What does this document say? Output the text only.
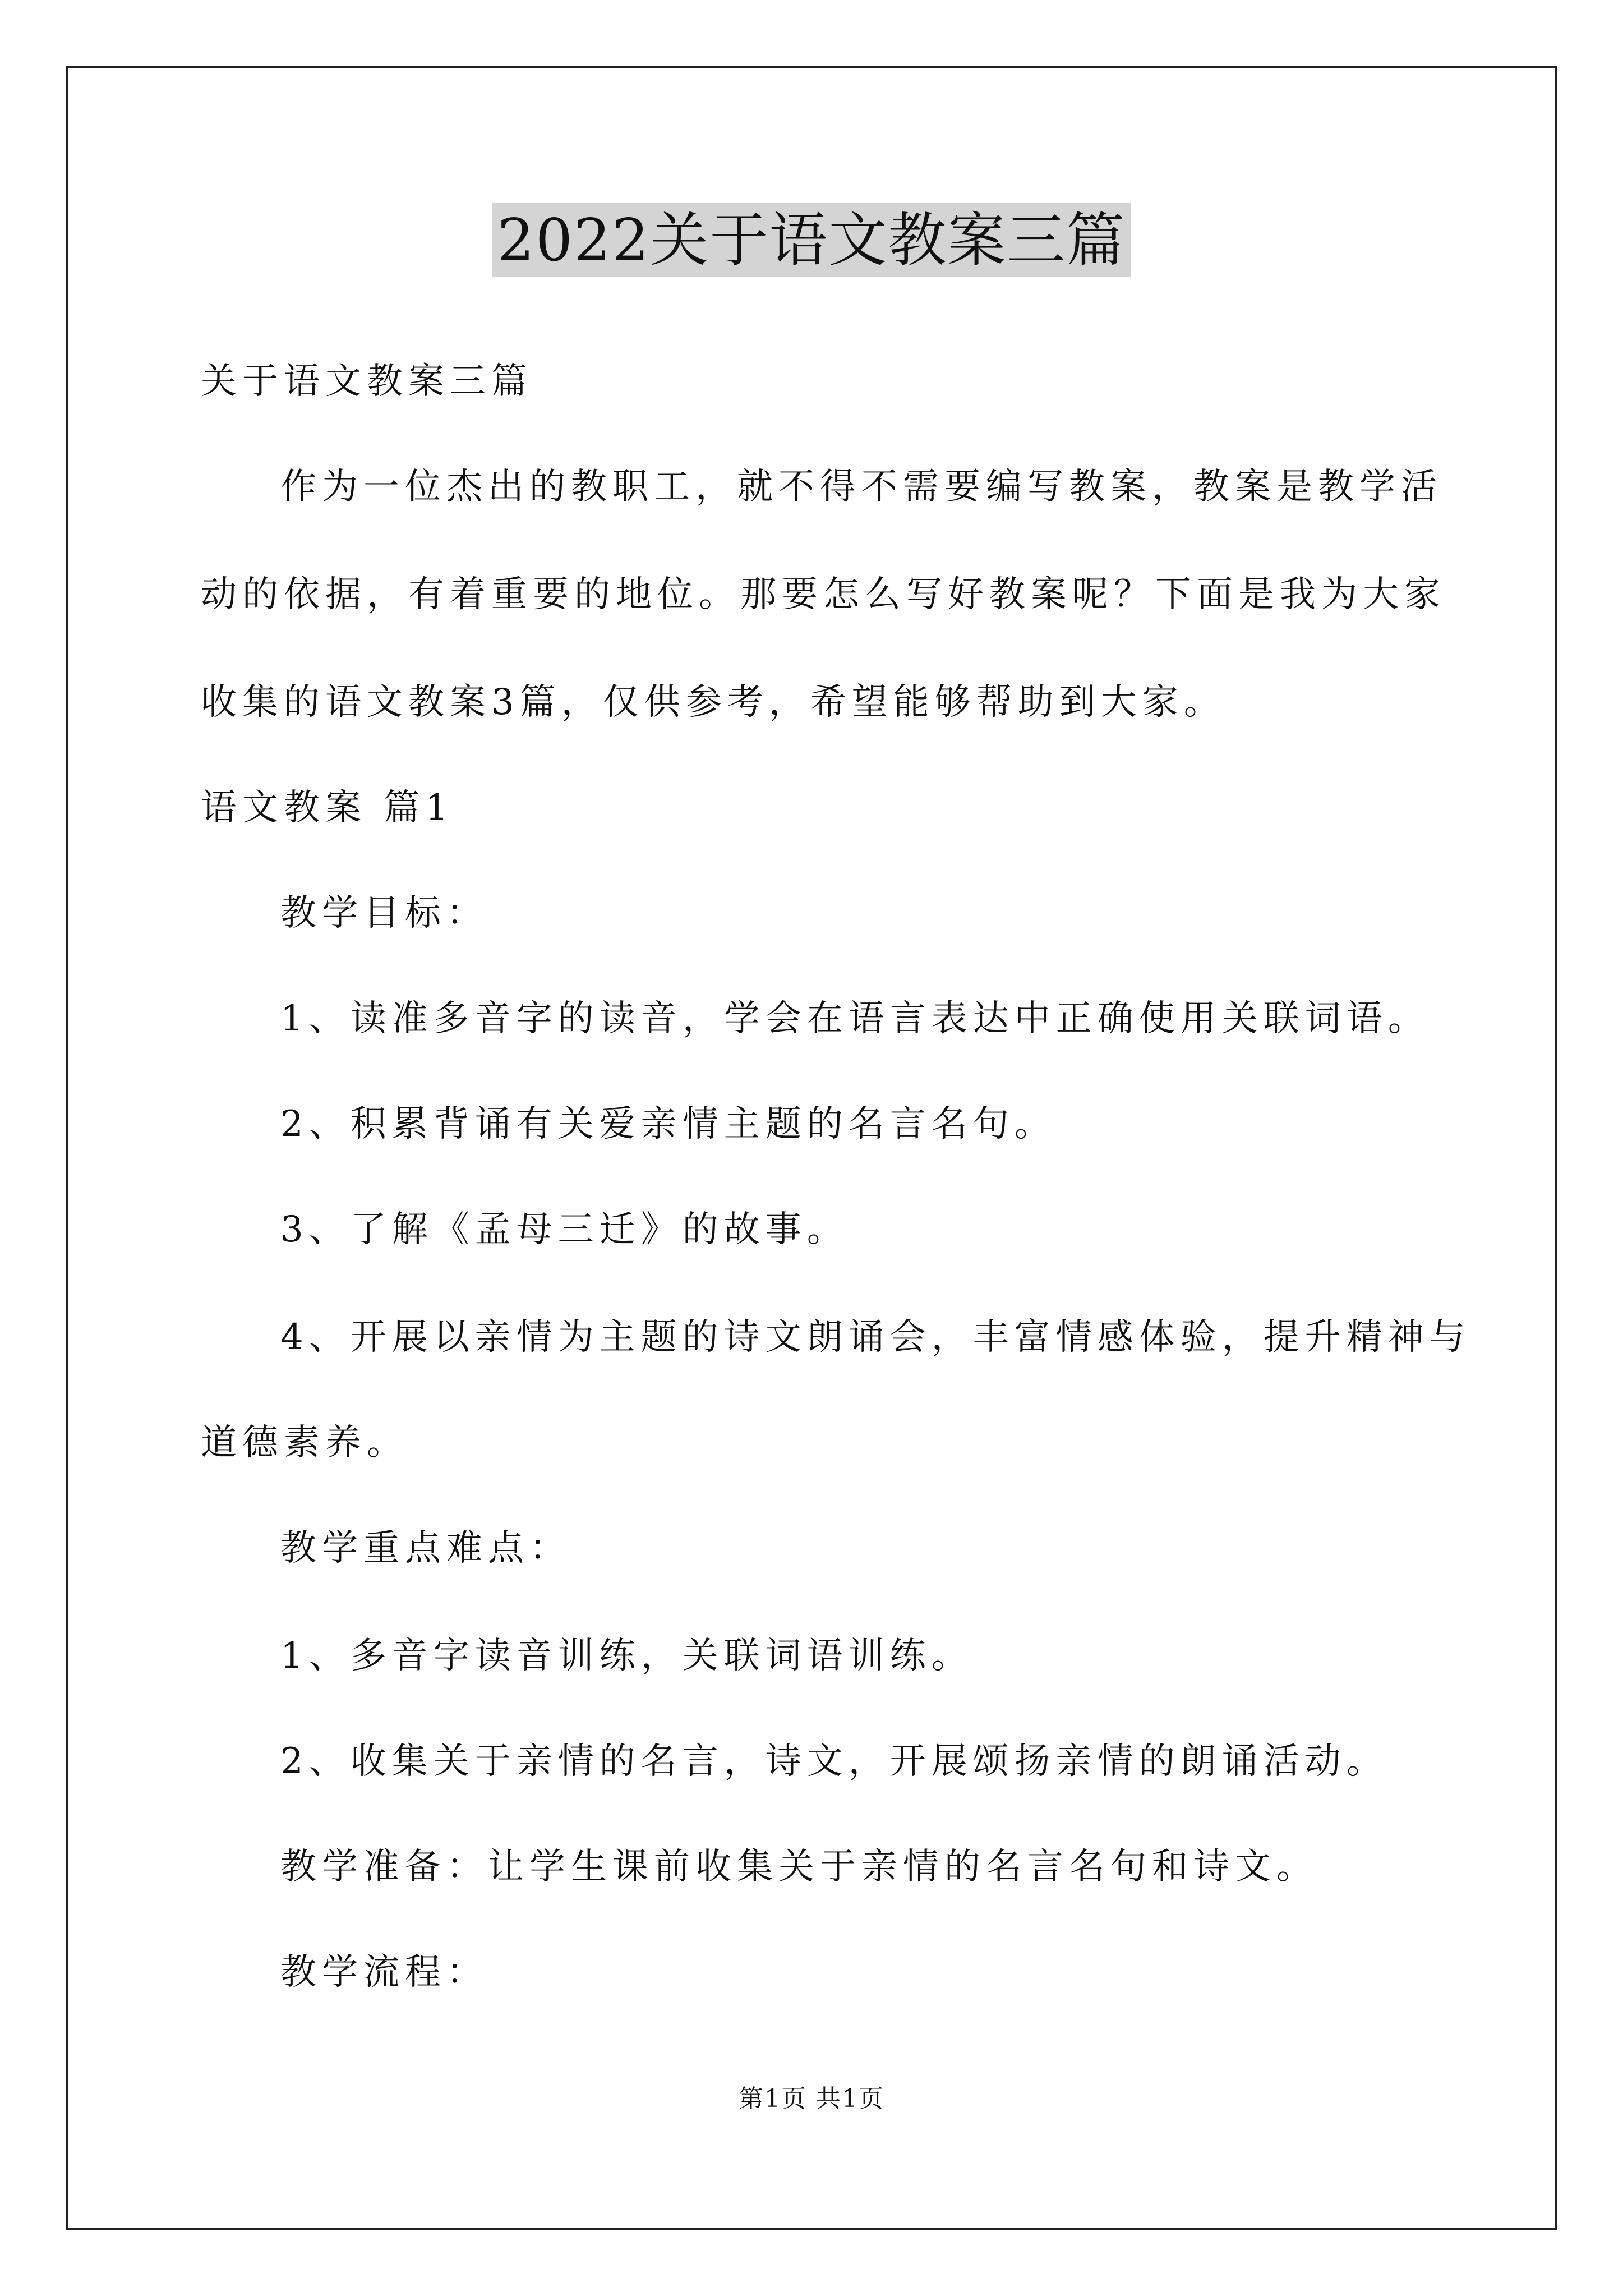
2022关于语文教案三篇
关于语文教案三篇
作为一位杰出的教职工，就不得不需要编写教案，教案是教学活
动的依据，有着重要的地位。那要怎么写好教案呢？下面是我为大家
收集的语文教案3篇，仅供参考，希望能够帮助到大家。
语文教案 篇1
教学目标：
1、读准多音字的读音，学会在语言表达中正确使用关联词语。
2、积累背诵有关爱亲情主题的名言名句。
3、了解《孟母三迁》的故事。
4、开展以亲情为主题的诗文朗诵会，丰富情感体验，提升精神与
道德素养。
教学重点难点：
1、多音字读音训练，关联词语训练。
2、收集关于亲情的名言，诗文，开展颂扬亲情的朗诵活动。
教学准备：让学生课前收集关于亲情的名言名句和诗文。
教学流程：
第1页 共1页
